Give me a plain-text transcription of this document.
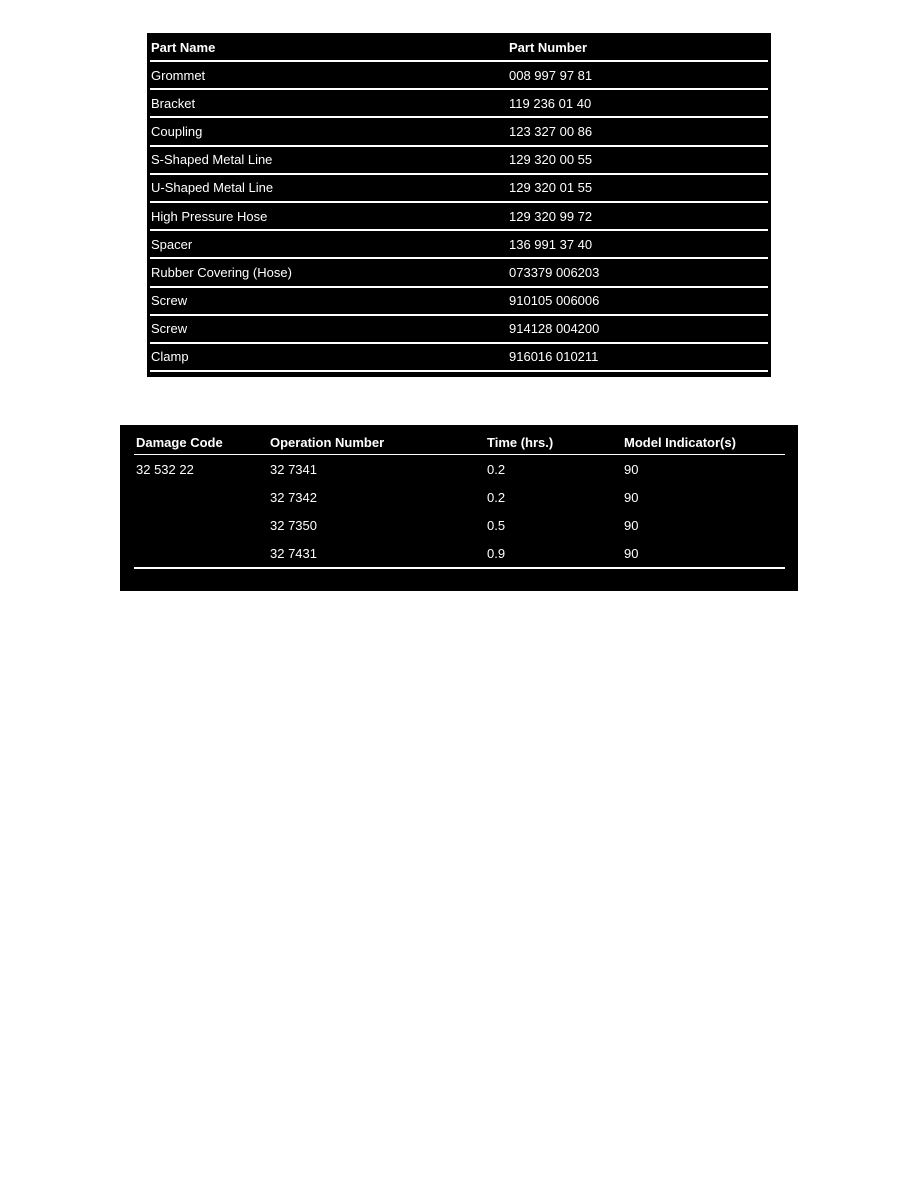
Part Name	Part Number
Grommet	008 997 97 81
Bracket	119 236 01 40
Coupling	123 327 00 86
S-Shaped Metal Line	129 320 00 55
U-Shaped Metal Line	129 320 01 55
High Pressure Hose	129 320 99 72
Spacer	136 991 37 40
Rubber Covering (Hose)	073379 006203
Screw	910105 006006
Screw	914128 004200
Clamp	916016 010211
Damage Code	Operation Number	Time (hrs.)	Model Indicator(s)
32 532 22	32 7341	0.2	90
	32 7342	0.2	90
	32 7350	0.5	90
	32 7431	0.9	90
